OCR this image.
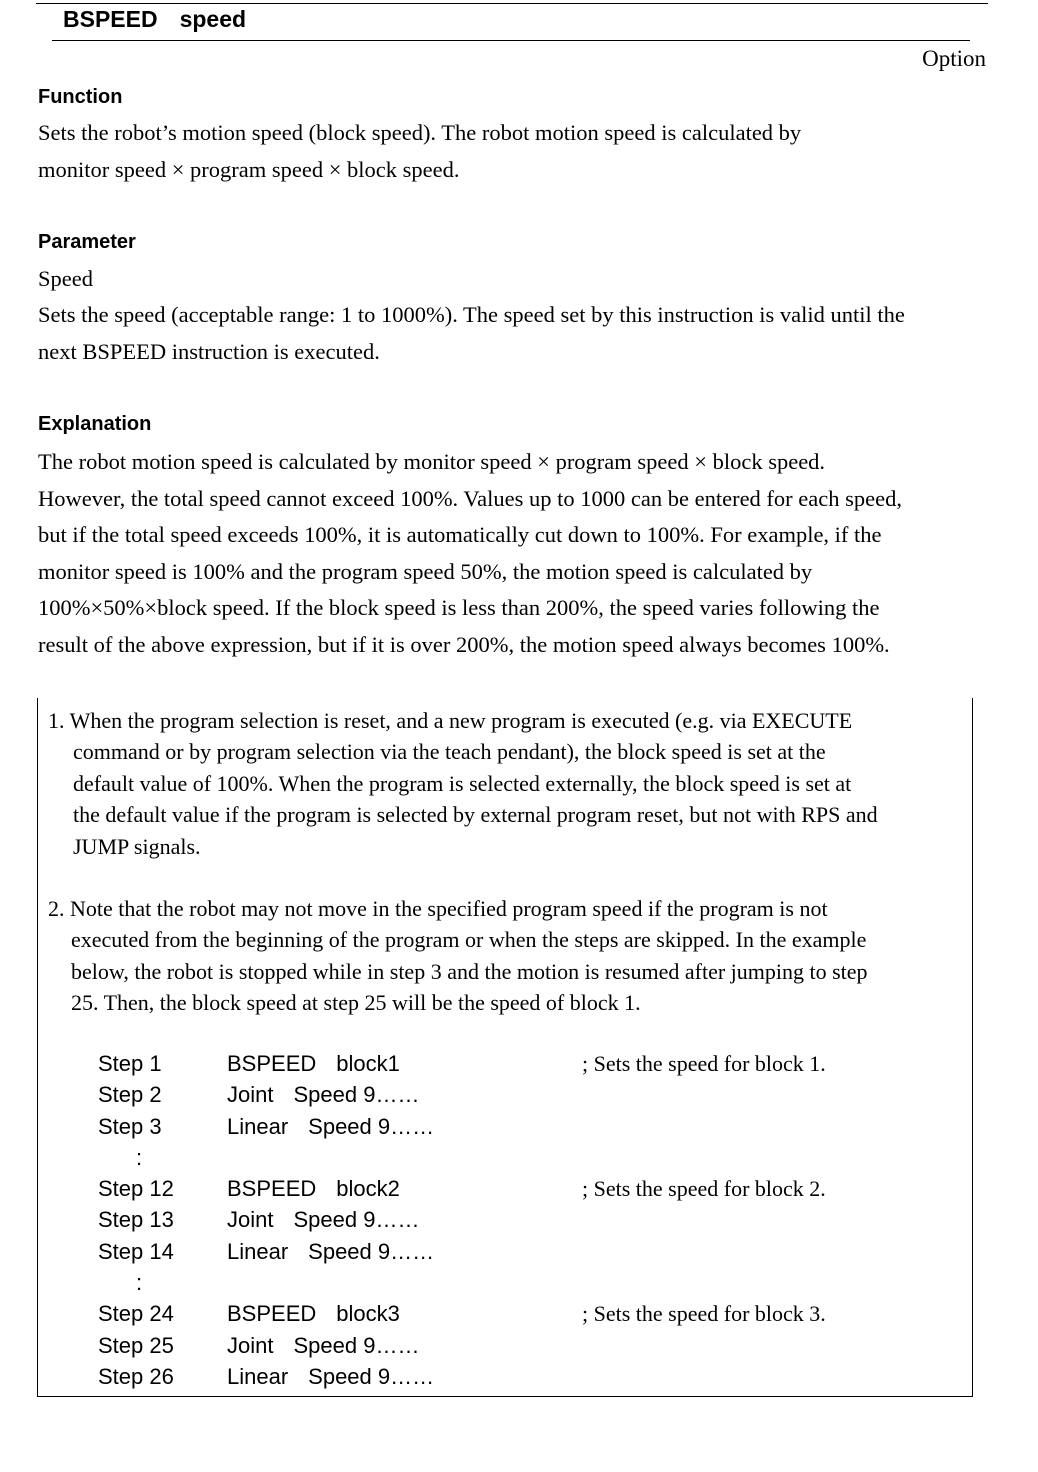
BSPEED speed
Option
Function
Sets the robot’s motion speed (block speed). The robot motion speed is calculated by
monitor speed × program speed × block speed.
Parameter
Speed
Sets the speed (acceptable range: 1 to 1000%). The speed set by this instruction is valid until the
next BSPEED instruction is executed.
Explanation
The robot motion speed is calculated by monitor speed × program speed × block speed.
However, the total speed cannot exceed 100%. Values up to 1000 can be entered for each speed,
but if the total speed exceeds 100%, it is automatically cut down to 100%. For example, if the
monitor speed is 100% and the program speed 50%, the motion speed is calculated by
100%×50%×block speed. If the block speed is less than 200%, the speed varies following the
result of the above expression, but if it is over 200%, the motion speed always becomes 100%.
1. When the program selection is reset, and a new program is executed (e.g. via EXECUTE
command or by program selection via the teach pendant), the block speed is set at the
default value of 100%. When the program is selected externally, the block speed is set at
the default value if the program is selected by external program reset, but not with RPS and
JUMP signals.
2. Note that the robot may not move in the specified program speed if the program is not
executed from the beginning of the program or when the steps are skipped. In the example
below, the robot is stopped while in step 3 and the motion is resumed after jumping to step
25. Then, the block speed at step 25 will be the speed of block 1.
Step 1	BSPEED block1	; Sets the speed for block 1.
Step 2	Joint Speed 9……
Step 3	Linear Speed 9……
:
Step 12 BSPEED block2	; Sets the speed for block 2.
Step 13 Joint Speed 9……
Step 14 Linear Speed 9……
:
Step 24 BSPEED block3	; Sets the speed for block 3.
Step 25 Joint Speed 9……
Step 26 Linear Speed 9……
